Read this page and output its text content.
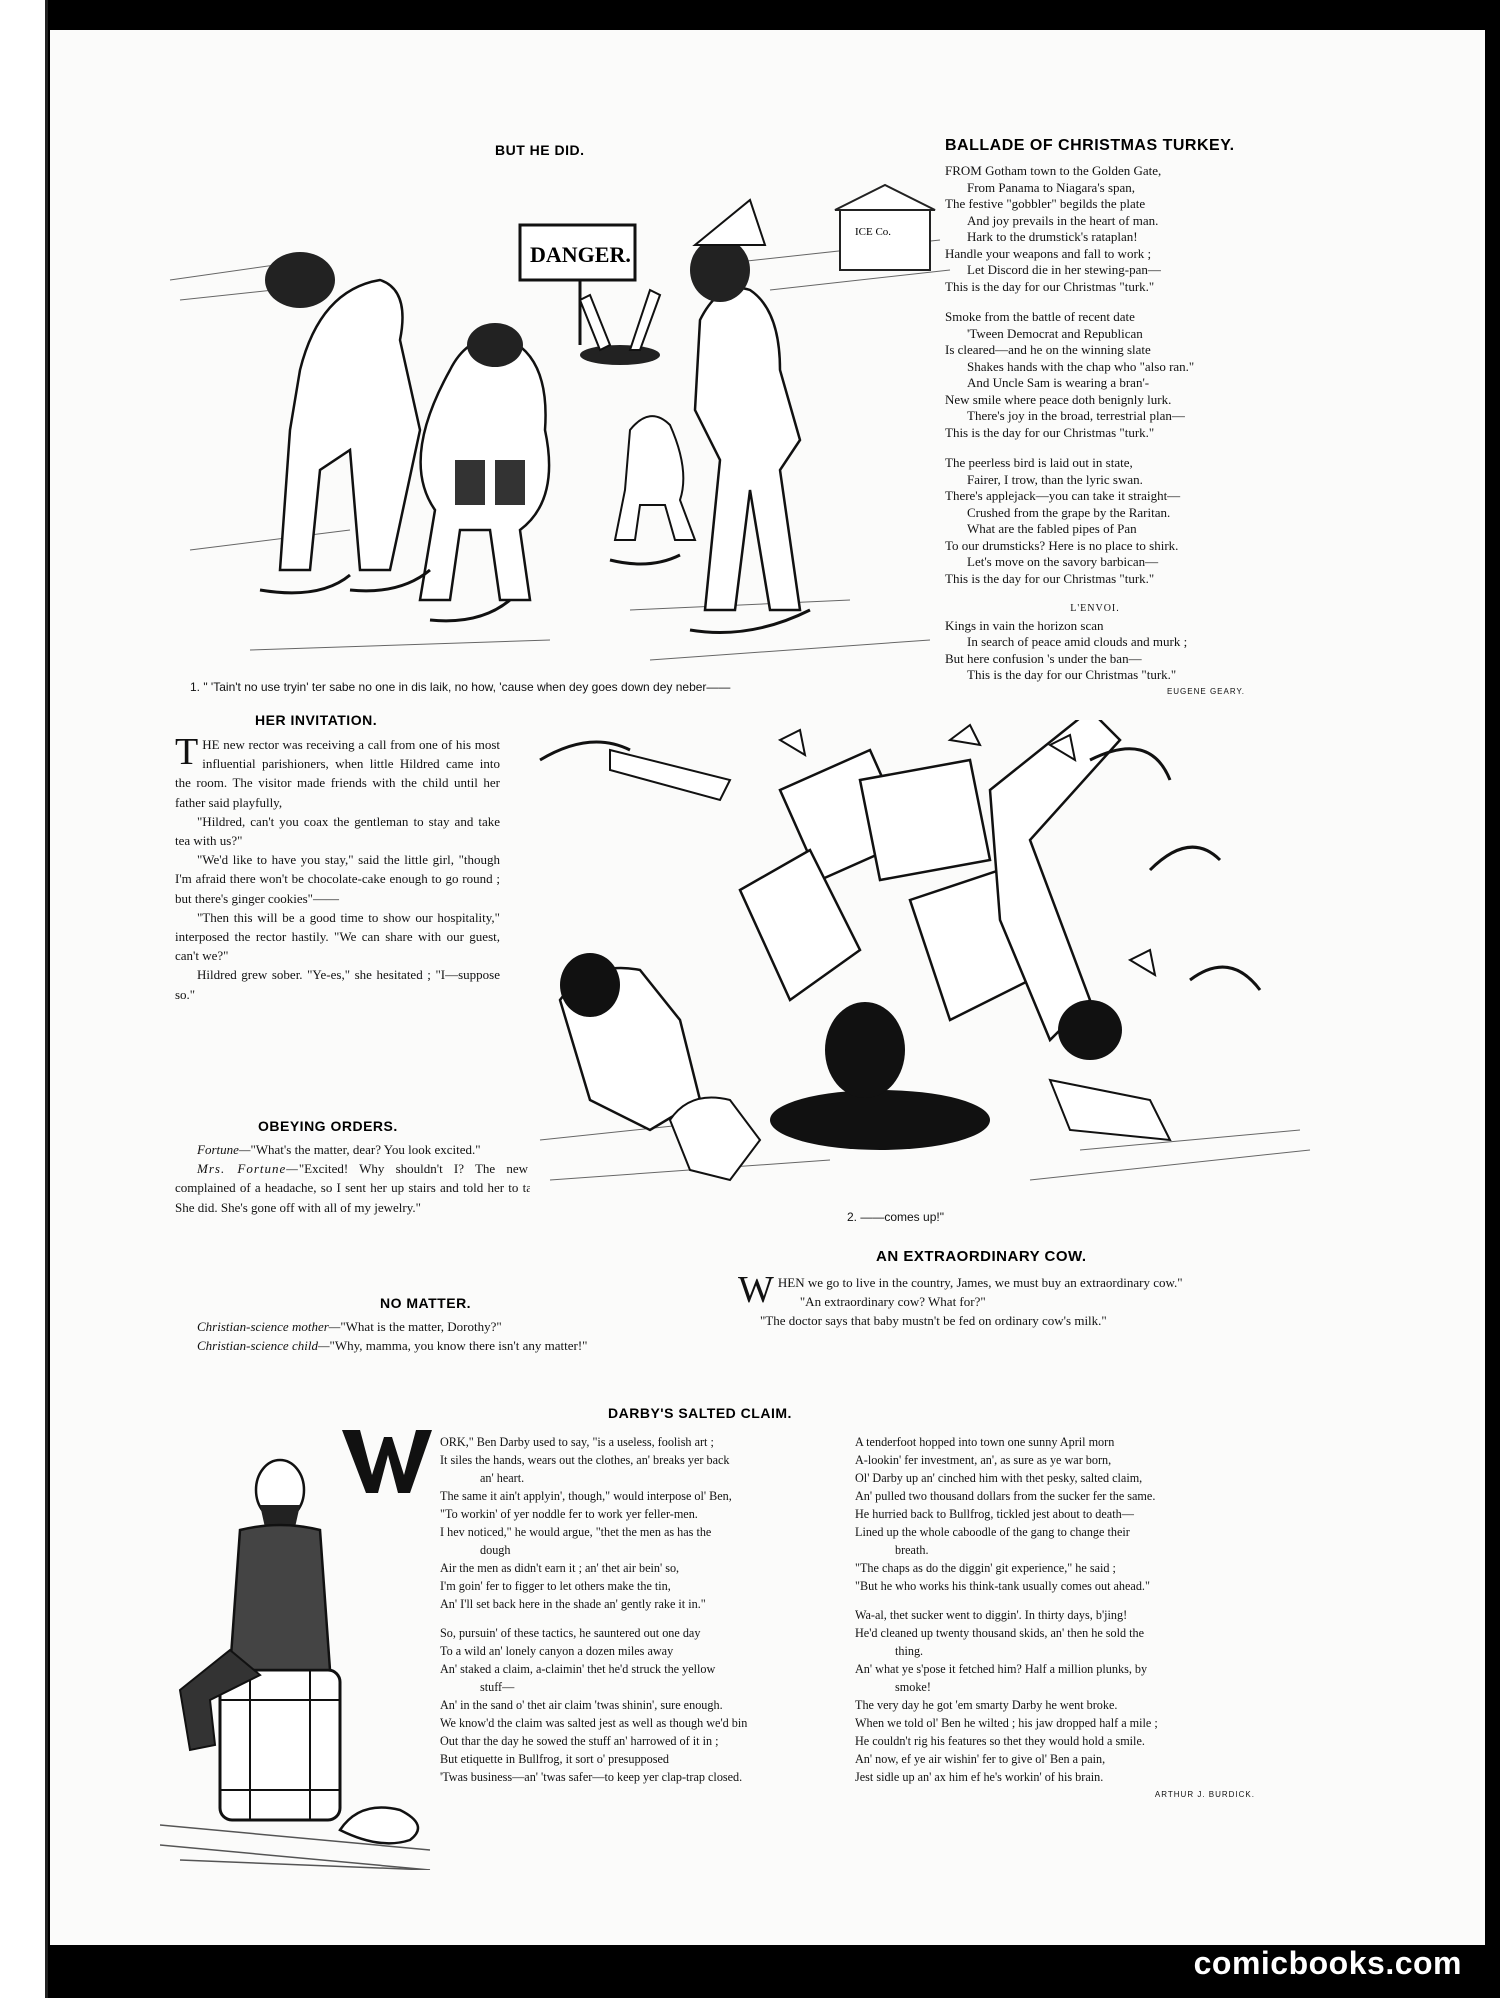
BUT HE DID.
ICE Co.
DANGER.
1. " 'Tain't no use tryin' ter sabe no one in dis laik, no how, 'cause when dey goes down dey neber——
BALLADE OF CHRISTMAS TURKEY.

FROM Gotham town to the Golden Gate,

From Panama to Niagara's span,

The festive "gobbler" begilds the plate

And joy prevails in the heart of man.

Hark to the drumstick's rataplan!

Handle your weapons and fall to work ;

Let Discord die in her stewing-pan—

This is the day for our Christmas "turk."

Smoke from the battle of recent date

'Tween Democrat and Republican

Is cleared—and he on the winning slate

Shakes hands with the chap who "also ran."

And Uncle Sam is wearing a bran'-

New smile where peace doth benignly lurk.

There's joy in the broad, terrestrial plan—

This is the day for our Christmas "turk."

The peerless bird is laid out in state,

Fairer, I trow, than the lyric swan.

There's applejack—you can take it straight—

Crushed from the grape by the Raritan.

What are the fabled pipes of Pan

To our drumsticks? Here is no place to shirk.

Let's move on the savory barbican—

This is the day for our Christmas "turk."

L'ENVOI.

Kings in vain the horizon scan

In search of peace amid clouds and murk ;

But here confusion 's under the ban—

This is the day for our Christmas "turk."

EUGENE GEARY.

HER INVITATION.

THE new rector was receiving a call from one of his most influential parishioners, when little Hildred came into the room. The visitor made friends with the child until her father said playfully,

"Hildred, can't you coax the gentleman to stay and take tea with us?"

"We'd like to have you stay," said the little girl, "though I'm afraid there won't be chocolate-cake enough to go round ; but there's ginger cookies"——

"Then this will be a good time to show our hospitality," interposed the rector hastily. "We can share with our guest, can't we?"

Hildred grew sober. "Ye-es," she hesitated ; "I—suppose so."

OBEYING ORDERS.

Fortune—"What's the matter, dear? You look excited."

Mrs. Fortune—"Excited! Why shouldn't I? The new chambermaid complained of a headache, so I sent her up stairs and told her to take things easy. She did. She's gone off with all of my jewelry."

NO MATTER.

Christian-science mother—"What is the matter, Dorothy?"

Christian-science child—"Why, mamma, you know there isn't any matter!"

2. ——comes up!"
AN EXTRAORDINARY COW.

WHEN we go to live in the country, James, we must buy an extraordinary cow."

"An extraordinary cow? What for?"

"The doctor says that baby mustn't be fed on ordinary cow's milk."

DARBY'S SALTED CLAIM.

ORK," Ben Darby used to say, "is a useless, foolish art ;

It siles the hands, wears out the clothes, an' breaks yer back

an' heart.

The same it ain't applyin', though," would interpose ol' Ben,

"To workin' of yer noddle fer to work yer feller-men.

I hev noticed," he would argue, "thet the men as has the

dough

Air the men as didn't earn it ; an' thet air bein' so,

I'm goin' fer to figger to let others make the tin,

An' I'll set back here in the shade an' gently rake it in."

So, pursuin' of these tactics, he sauntered out one day

To a wild an' lonely canyon a dozen miles away

An' staked a claim, a-claimin' thet he'd struck the yellow

stuff—

An' in the sand o' thet air claim 'twas shinin', sure enough.

We know'd the claim was salted jest as well as though we'd bin

Out thar the day he sowed the stuff an' harrowed of it in ;

But etiquette in Bullfrog, it sort o' presupposed

'Twas business—an' 'twas safer—to keep yer clap-trap closed.

A tenderfoot hopped into town one sunny April morn

A-lookin' fer investment, an', as sure as ye war born,

Ol' Darby up an' cinched him with thet pesky, salted claim,

An' pulled two thousand dollars from the sucker fer the same.

He hurried back to Bullfrog, tickled jest about to death—

Lined up the whole caboodle of the gang to change their

breath.

"The chaps as do the diggin' git experience," he said ;

"But he who works his think-tank usually comes out ahead."

Wa-al, thet sucker went to diggin'. In thirty days, b'jing!

He'd cleaned up twenty thousand skids, an' then he sold the

thing.

An' what ye s'pose it fetched him? Half a million plunks, by

smoke!

The very day he got 'em smarty Darby he went broke.

When we told ol' Ben he wilted ; his jaw dropped half a mile ;

He couldn't rig his features so thet they would hold a smile.

An' now, ef ye air wishin' fer to give ol' Ben a pain,

Jest sidle up an' ax him ef he's workin' of his brain.

ARTHUR J. BURDICK.

comicbooks.com
